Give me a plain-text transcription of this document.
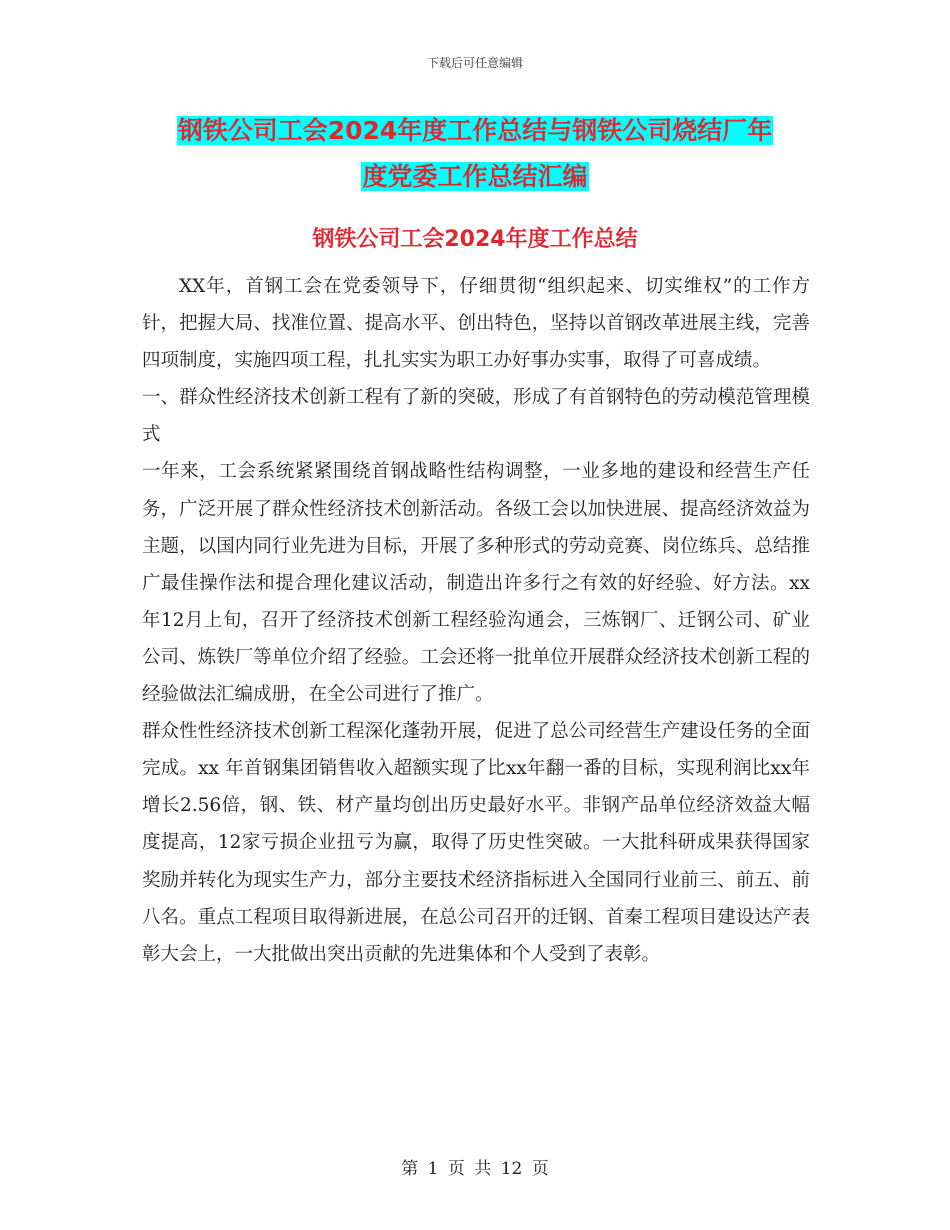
下载后可任意编辑
钢铁公司工会2024年度工作总结与钢铁公司烧结厂年
度党委工作总结汇编
钢铁公司工会2024年度工作总结

XX年，首钢工会在党委领导下，仔细贯彻“组织起来、切实维权”的工作方针，把握大局、找准位置、提高水平、创出特色，坚持以首钢改革进展主线，完善四项制度，实施四项工程，扎扎实实为职工办好事办实事，取得了可喜成绩。

一、群众性经济技术创新工程有了新的突破，形成了有首钢特色的劳动模范管理模式

一年来，工会系统紧紧围绕首钢战略性结构调整，一业多地的建设和经营生产任务，广泛开展了群众性经济技术创新活动。各级工会以加快进展、提高经济效益为主题，以国内同行业先进为目标，开展了多种形式的劳动竞赛、岗位练兵、总结推广最佳操作法和提合理化建议活动，制造出许多行之有效的好经验、好方法。xx年12月上旬，召开了经济技术创新工程经验沟通会，三炼钢厂、迁钢公司、矿业公司、炼铁厂等单位介绍了经验。工会还将一批单位开展群众经济技术创新工程的经验做法汇编成册，在全公司进行了推广。

群众性性经济技术创新工程深化蓬勃开展，促进了总公司经营生产建设任务的全面完成。xx 年首钢集团销售收入超额实现了比xx年翻一番的目标，实现利润比xx年增长2.56倍，钢、铁、材产量均创出历史最好水平。非钢产品单位经济效益大幅度提高，12家亏损企业扭亏为赢，取得了历史性突破。一大批科研成果获得国家奖励并转化为现实生产力，部分主要技术经济指标进入全国同行业前三、前五、前八名。重点工程项目取得新进展，在总公司召开的迁钢、首秦工程项目建设达产表彰大会上，一大批做出突出贡献的先进集体和个人受到了表彰。

第 1 页 共 12 页
